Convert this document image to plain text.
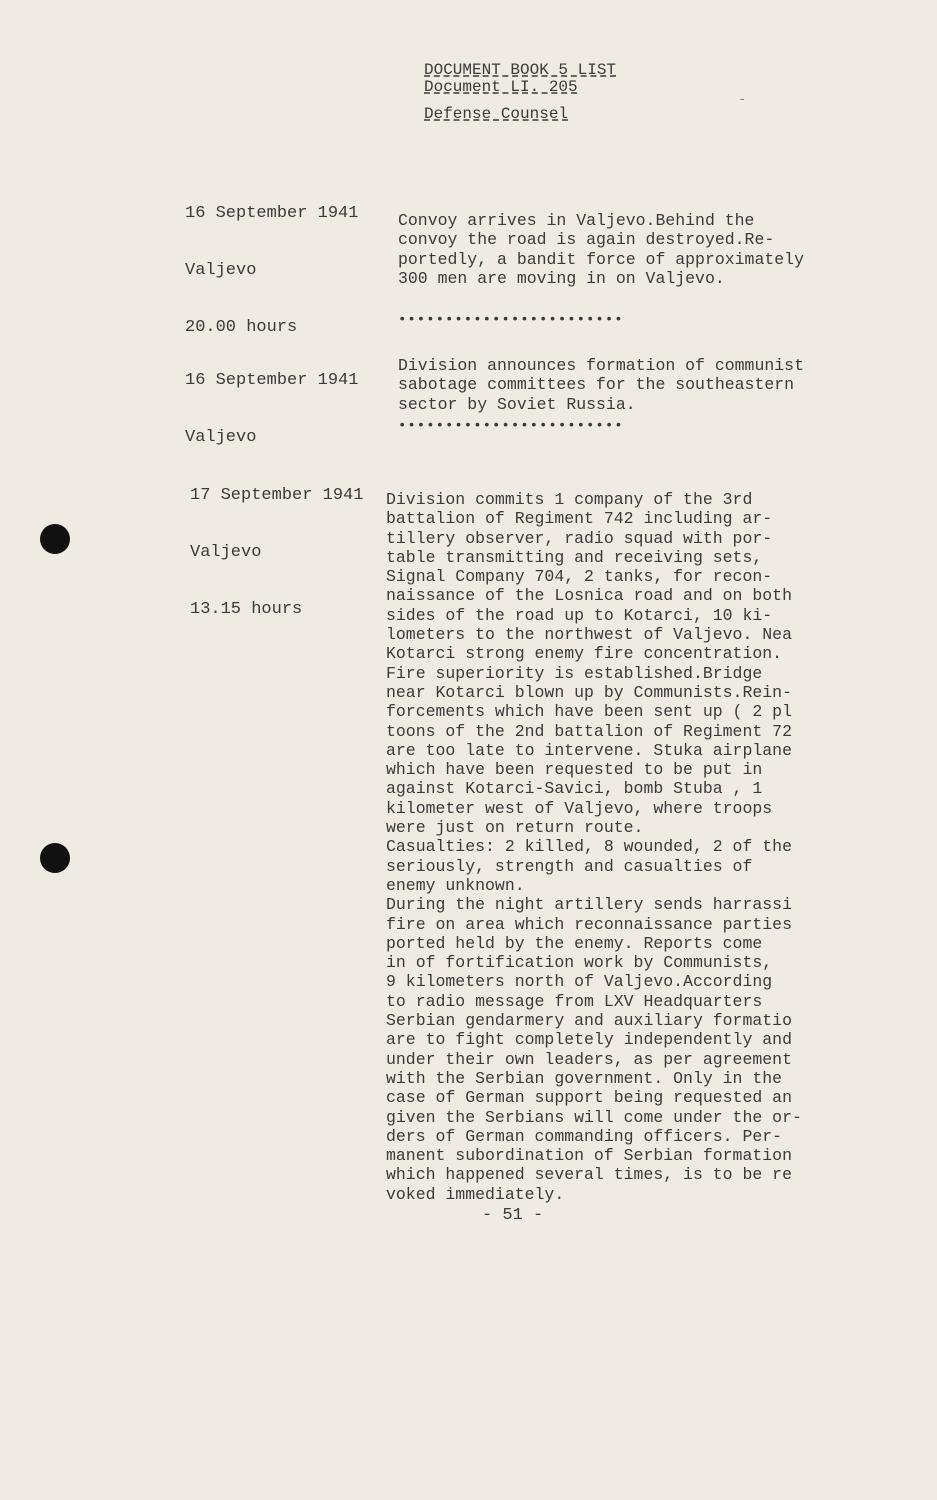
DOCUMENT BOOK 5 LIST
Document LI. 205
Defense Counsel
-

16 September 1941

Valjevo

20.00 hours

Convoy arrives in Valjevo.Behind the
convoy the road is again destroyed.Re-
portedly, a bandit force of approximately
300 men are moving in on Valjevo.
••••••••••••••••••••••••

16 September 1941

Valjevo

Division announces formation of communist
sabotage committees for the southeastern
sector by Soviet Russia.
••••••••••••••••••••••••

17 September 1941

Valjevo

13.15 hours

Division commits 1 company of the 3rd
battalion of Regiment 742 including ar-
tillery observer, radio squad with por-
table transmitting and receiving sets,
Signal Company 704, 2 tanks, for recon-
naissance of the Losnica road and on both
sides of the road up to Kotarci, 10 ki-
lometers to the northwest of Valjevo. Nea
Kotarci strong enemy fire concentration.
Fire superiority is established.Bridge
near Kotarci blown up by Communists.Rein-
forcements which have been sent up ( 2 pl
toons of the 2nd battalion of Regiment 72
are too late to intervene. Stuka airplane
which have been requested to be put in
against Kotarci-Savici, bomb Stuba , 1
kilometer west of Valjevo, where troops
were just on return route.
Casualties: 2 killed, 8 wounded, 2 of the
seriously, strength and casualties of
enemy unknown.
During the night artillery sends harrassi
fire on area which reconnaissance parties
ported held by the enemy. Reports come
in of fortification work by Communists,
9 kilometers north of Valjevo.According
to radio message from LXV Headquarters
Serbian gendarmery and auxiliary formatio
are to fight completely independently and
under their own leaders, as per agreement
with the Serbian government. Only in the
case of German support being requested an
given the Serbians will come under the or-
ders of German commanding officers. Per-
manent subordination of Serbian formation
which happened several times, is to be re
voked immediately.
- 51 -
